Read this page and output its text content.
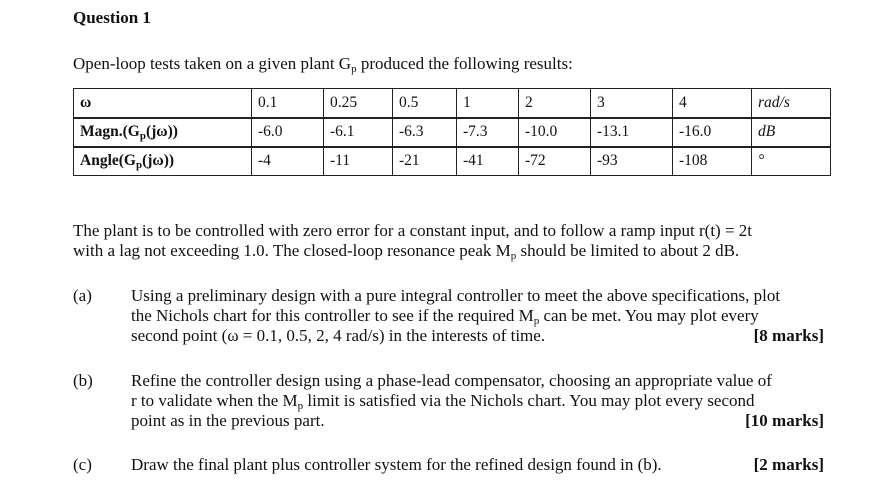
Question 1
Open-loop tests taken on a given plant $G_p$ produced the following results:
ω	0.1	0.25	0.5	1	2	3	4	rad/s
$Magn.(G_p(j\omega))$	-6.0	-6.1	-6.3	-7.3	-10.0	-13.1	-16.0	dB
$Angle(G_p(j\omega))$	-4	-11	-21	-41	-72	-93	-108	°
The plant is to be controlled with zero error for a constant input, and to follow a ramp input r(t) = 2t
with a lag not exceeding 1.0. The closed-loop resonance peak $M_p$ should be limited to about 2 dB.
(a) Using a preliminary design with a pure integral controller to meet the above specifications, plot
the Nichols chart for this controller to see if the required $M_p$ can be met. You may plot every
second point (ω = 0.1, 0.5, 2, 4 rad/s) in the interests of time.	[8 marks]
(b) Refine the controller design using a phase-lead compensator, choosing an appropriate value of
r to validate when the $M_p$ limit is satisfied via the Nichols chart. You may plot every second
point as in the previous part.	[10 marks]
(c) Draw the final plant plus controller system for the refined design found in (b).	[2 marks]
